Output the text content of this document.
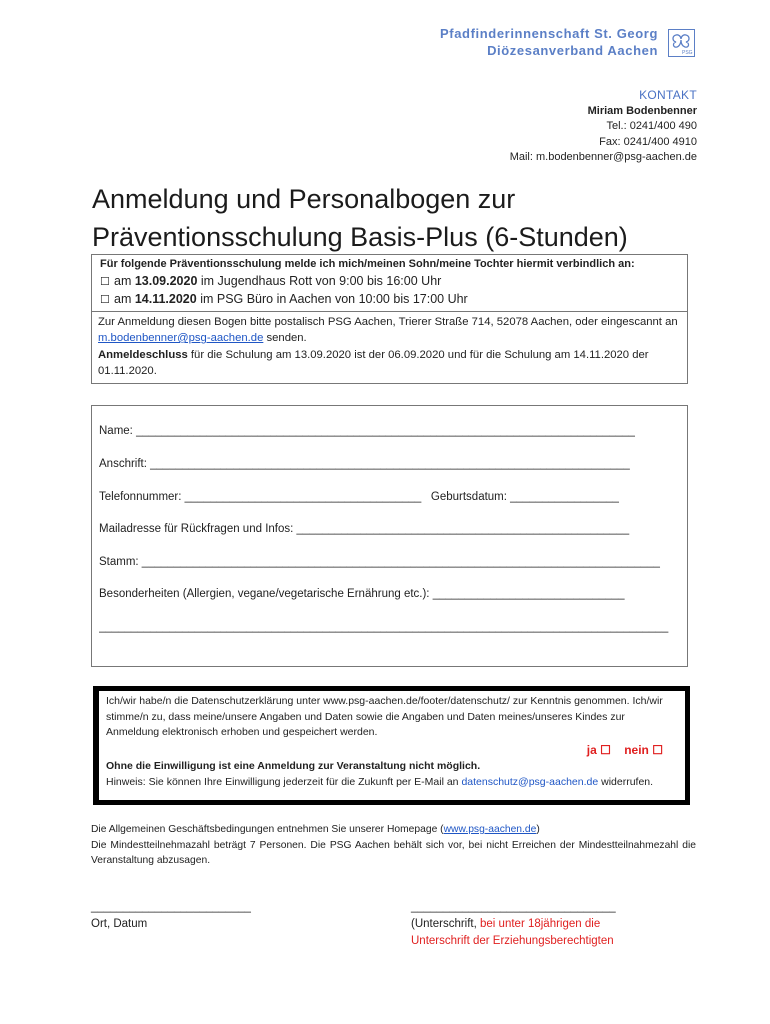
Pfadfinderinnenschaft St. Georg
Diözesanverband Aachen	PSG
KONTAKT
Miriam Bodenbenner
Tel.: 0241/400 490
Fax: 0241/400 4910
Mail: m.bodenbenner@psg-aachen.de
Anmeldung und Personalbogen zur
Präventionsschulung Basis-Plus (6-Stunden)
Für folgende Präventionsschulung melde ich mich/meinen Sohn/meine Tochter hiermit verbindlich an:
☐ am 13.09.2020 im Jugendhaus Rott von 9:00 bis 16:00 Uhr
☐ am 14.11.2020 im PSG Büro in Aachen von 10:00 bis 17:00 Uhr
Zur Anmeldung diesen Bogen bitte postalisch PSG Aachen, Trierer Straße 714, 52078 Aachen, oder eingescannt an m.bodenbenner@psg-aachen.de senden.
Anmeldeschluss für die Schulung am 13.09.2020 ist der 06.09.2020 und für die Schulung am 14.11.2020 der 01.11.2020.
Name: ______________________________________________________________________________
Anschrift: ___________________________________________________________________________
Telefonnummer: _____________________________________ Geburtsdatum: _________________
Mailadresse für Rückfragen und Infos: ____________________________________________________
Stamm: _________________________________________________________________________________
Besonderheiten (Allergien, vegane/vegetarische Ernährung etc.): ______________________________
_________________________________________________________________________________________
Ich/wir habe/n die Datenschutzerklärung unter www.psg-aachen.de/footer/datenschutz/ zur Kenntnis genommen. Ich/wir stimme/n zu, dass meine/unsere Angaben und Daten sowie die Angaben und Daten meines/unseres Kindes zur Anmeldung elektronisch erhoben und gespeichert werden.
ja ☐ nein ☐
Ohne die Einwilligung ist eine Anmeldung zur Veranstaltung nicht möglich.
Hinweis: Sie können Ihre Einwilligung jederzeit für die Zukunft per E-Mail an datenschutz@psg-aachen.de widerrufen.
Die Allgemeinen Geschäftsbedingungen entnehmen Sie unserer Homepage (www.psg-aachen.de)
Die Mindestteilnehmazahl beträgt 7 Personen. Die PSG Aachen behält sich vor, bei nicht Erreichen der Mindestteilnahmezahl die Veranstaltung abzusagen.
_________________________
Ort, Datum
________________________________
(Unterschrift, bei unter 18jährigen die Unterschrift der Erziehungsberechtigten
